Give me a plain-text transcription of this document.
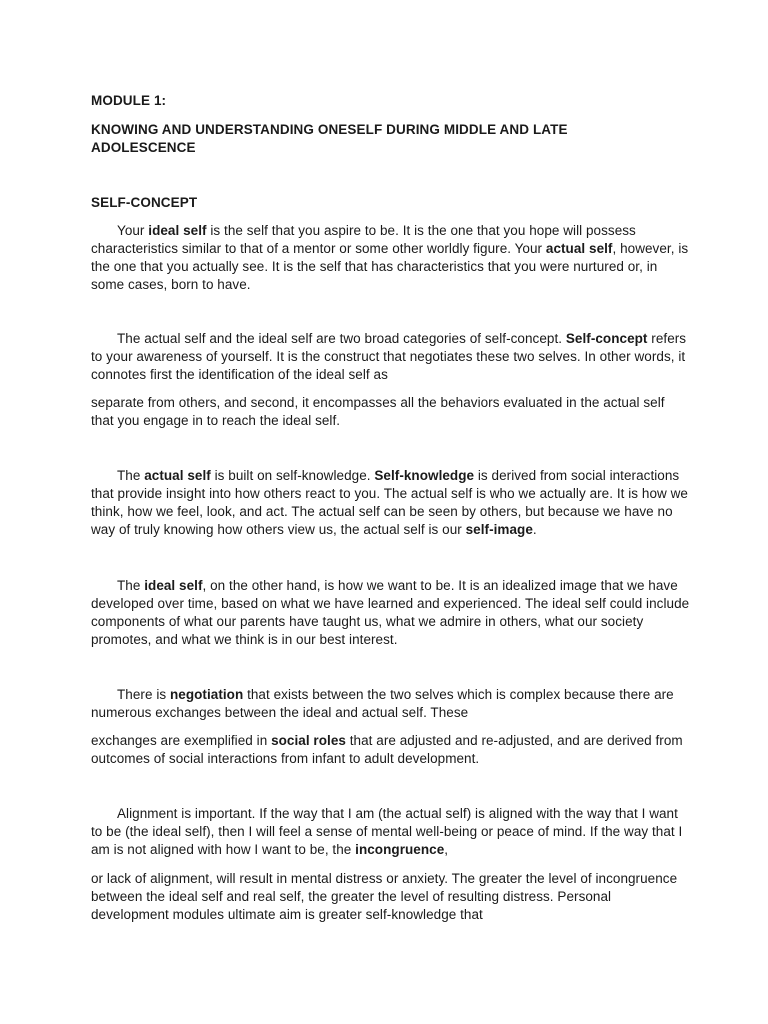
MODULE 1:

KNOWING AND UNDERSTANDING ONESELF DURING MIDDLE AND LATE ADOLESCENCE

SELF-CONCEPT

Your ideal self is the self that you aspire to be. It is the one that you hope will possess characteristics similar to that of a mentor or some other worldly figure. Your actual self, however, is the one that you actually see. It is the self that has characteristics that you were nurtured or, in some cases, born to have.

The actual self and the ideal self are two broad categories of self-concept. Self-concept refers to your awareness of yourself. It is the construct that negotiates these two selves. In other words, it connotes first the identification of the ideal self as

separate from others, and second, it encompasses all the behaviors evaluated in the actual self that you engage in to reach the ideal self.

The actual self is built on self-knowledge. Self-knowledge is derived from social interactions that provide insight into how others react to you. The actual self is who we actually are. It is how we think, how we feel, look, and act. The actual self can be seen by others, but because we have no way of truly knowing how others view us, the actual self is our self-image.

The ideal self, on the other hand, is how we want to be. It is an idealized image that we have developed over time, based on what we have learned and experienced. The ideal self could include components of what our parents have taught us, what we admire in others, what our society promotes, and what we think is in our best interest.

There is negotiation that exists between the two selves which is complex because there are numerous exchanges between the ideal and actual self. These

exchanges are exemplified in social roles that are adjusted and re-adjusted, and are derived from outcomes of social interactions from infant to adult development.

Alignment is important. If the way that I am (the actual self) is aligned with the way that I want to be (the ideal self), then I will feel a sense of mental well-being or peace of mind. If the way that I am is not aligned with how I want to be, the incongruence,

or lack of alignment, will result in mental distress or anxiety. The greater the level of incongruence between the ideal self and real self, the greater the level of resulting distress. Personal development modules ultimate aim is greater self-knowledge that
